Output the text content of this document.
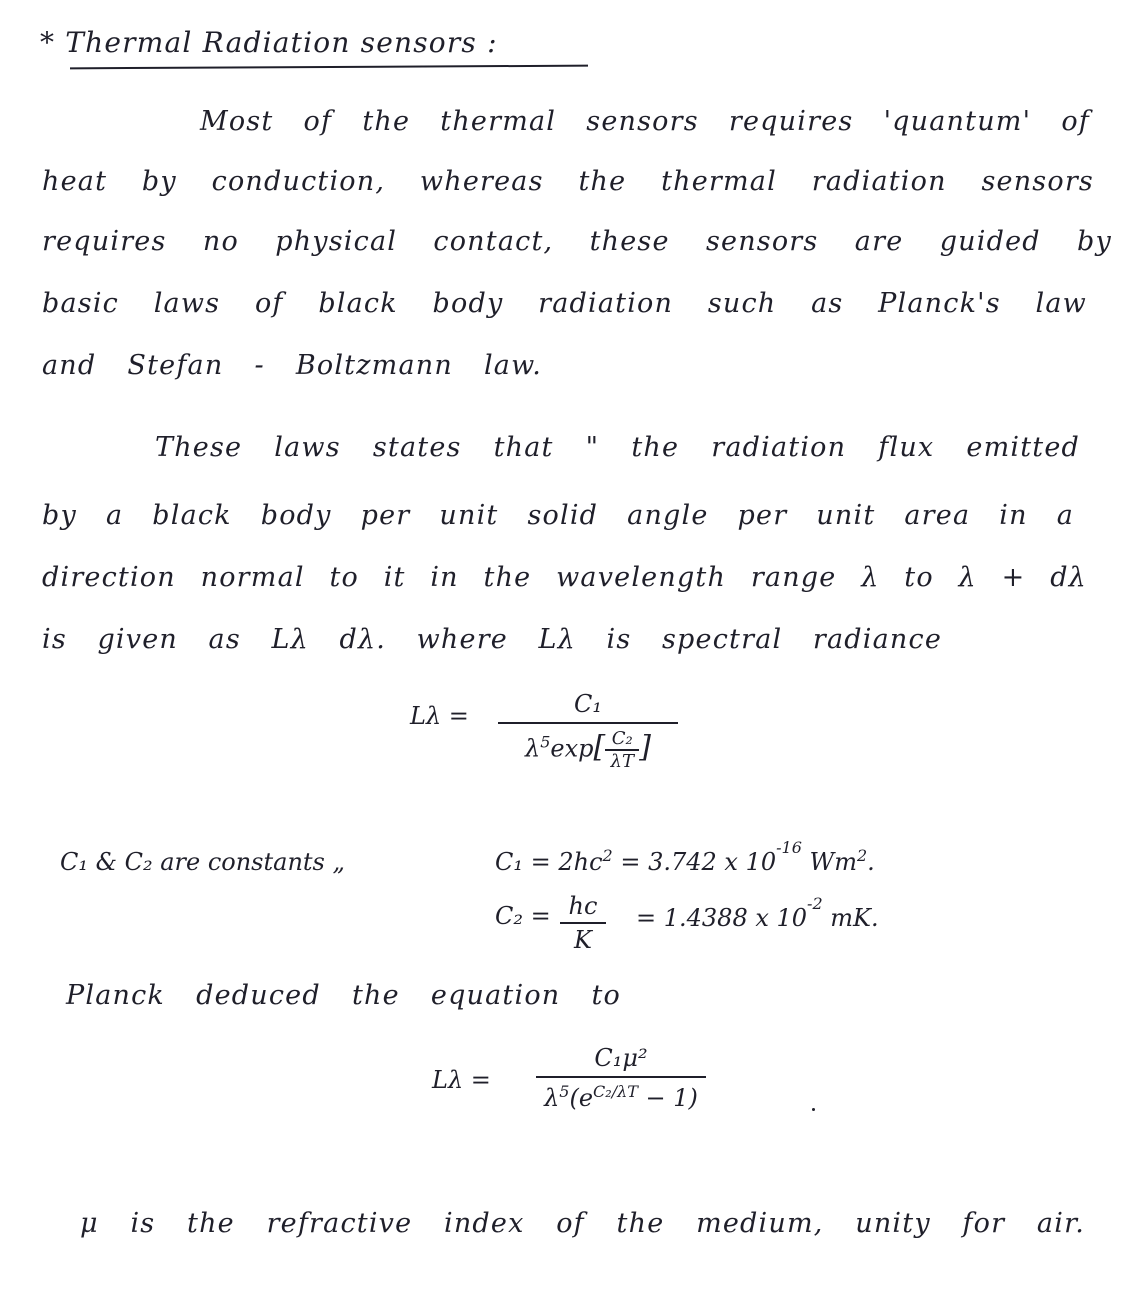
* Thermal Radiation sensors :
Most of the thermal sensors requires 'quantum' of
heat by conduction, whereas the thermal radiation sensors
requires no physical contact, these sensors are guided by
basic laws of black body radiation such as Planck's law
and Stefan - Boltzmann law.
These laws states that " the radiation flux emitted
by a black body per unit solid angle per unit area in a
direction normal to it in the wavelength range λ to λ + dλ
is given as Lλ dλ. where Lλ is spectral radiance
Lλ =	C₁
$\lambda^5\exp[ \frac{\text{C₂}}{\lambda T}$ ]
C₁ & C₂ are constants „	$C_1 = 2hc^2 = 3.742$ x $10^{-16}$ Wm$^2$.
C₂ = hc
K
= 1.4388 x $10^{-2}$ mK.
Planck deduced the equation to
Lλ =
C₁μ²
$\lambda^5(e^{C_2/\lambda T} - 1)$
μ is the refractive index of the medium, unity for air.
